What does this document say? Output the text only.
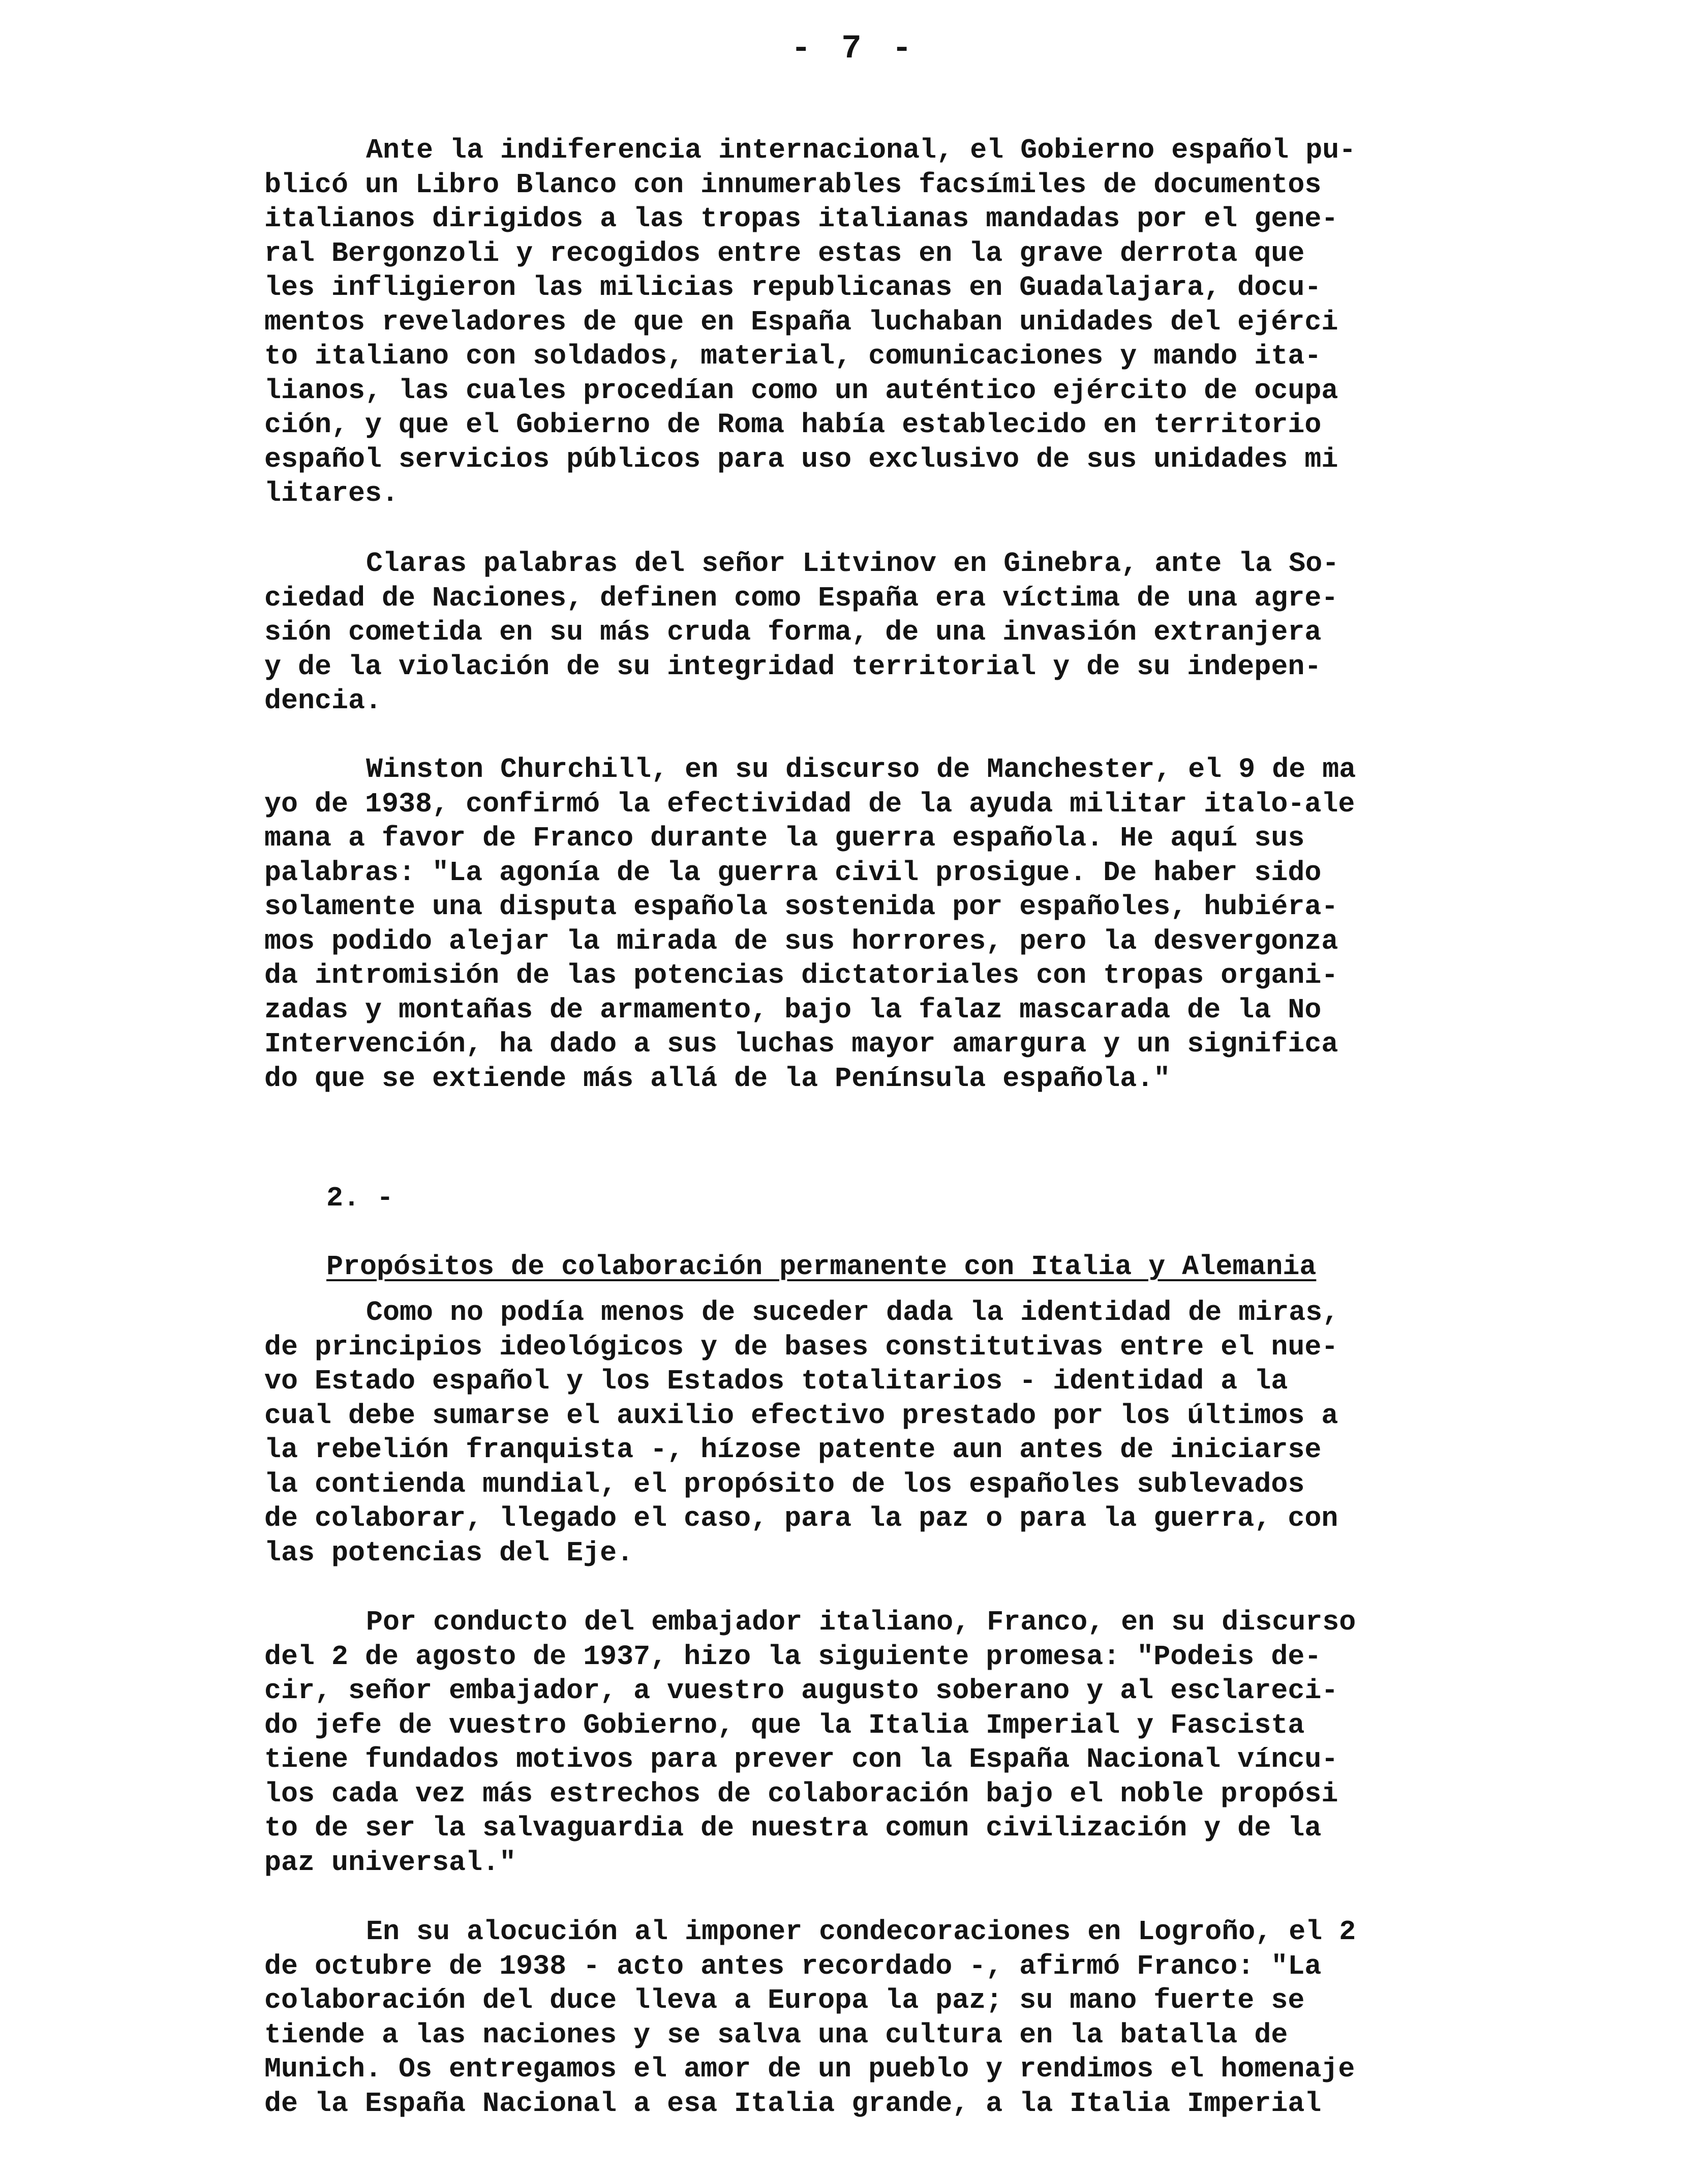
- 7 -
Ante la indiferencia internacional, el Gobierno español pu-
blicó un Libro Blanco con innumerables facsímiles de documentos
italianos dirigidos a las tropas italianas mandadas por el gene-
ral Bergonzoli y recogidos entre estas en la grave derrota que
les infligieron las milicias republicanas en Guadalajara, docu-
mentos reveladores de que en España luchaban unidades del ejérci
to italiano con soldados, material, comunicaciones y mando ita-
lianos, las cuales procedían como un auténtico ejército de ocupa
ción, y que el Gobierno de Roma había establecido en territorio
español servicios públicos para uso exclusivo de sus unidades mi
litares.
Claras palabras del señor Litvinov en Ginebra, ante la So-
ciedad de Naciones, definen como España era víctima de una agre-
sión cometida en su más cruda forma, de una invasión extranjera
y de la violación de su integridad territorial y de su indepen-
dencia.
Winston Churchill, en su discurso de Manchester, el 9 de ma
yo de 1938, confirmó la efectividad de la ayuda militar italo-ale
mana a favor de Franco durante la guerra española. He aquí sus
palabras: "La agonía de la guerra civil prosigue. De haber sido
solamente una disputa española sostenida por españoles, hubiéra-
mos podido alejar la mirada de sus horrores, pero la desvergonza
da intromisión de las potencias dictatoriales con tropas organi-
zadas y montañas de armamento, bajo la falaz mascarada de la No
Intervención, ha dado a sus luchas mayor amargura y un significa
do que se extiende más allá de la Península española."

2. -

Propósitos de colaboración permanente con Italia y Alemania

Como no podía menos de suceder dada la identidad de miras,
de principios ideológicos y de bases constitutivas entre el nue-
vo Estado español y los Estados totalitarios - identidad a la
cual debe sumarse el auxilio efectivo prestado por los últimos a
la rebelión franquista -, hízose patente aun antes de iniciarse
la contienda mundial, el propósito de los españoles sublevados
de colaborar, llegado el caso, para la paz o para la guerra, con
las potencias del Eje.
Por conducto del embajador italiano, Franco, en su discurso
del 2 de agosto de 1937, hizo la siguiente promesa: "Podeis de-
cir, señor embajador, a vuestro augusto soberano y al esclareci-
do jefe de vuestro Gobierno, que la Italia Imperial y Fascista
tiene fundados motivos para prever con la España Nacional víncu-
los cada vez más estrechos de colaboración bajo el noble propósi
to de ser la salvaguardia de nuestra comun civilización y de la
paz universal."
En su alocución al imponer condecoraciones en Logroño, el 2
de octubre de 1938 - acto antes recordado -, afirmó Franco: "La
colaboración del duce lleva a Europa la paz; su mano fuerte se
tiende a las naciones y se salva una cultura en la batalla de
Munich. Os entregamos el amor de un pueblo y rendimos el homenaje
de la España Nacional a esa Italia grande, a la Italia Imperial
